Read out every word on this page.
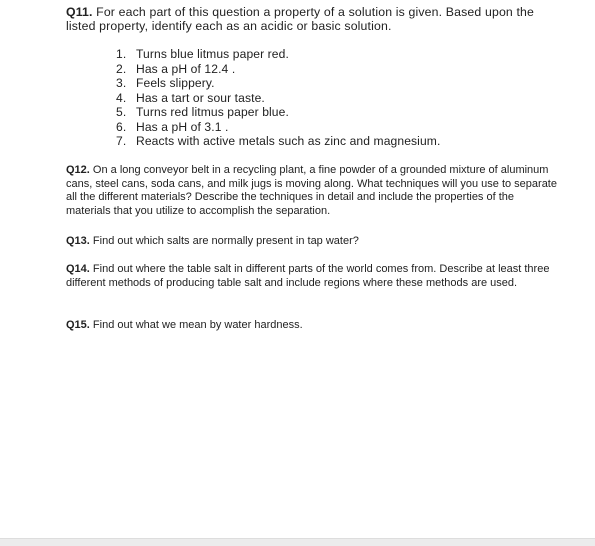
Q11. For each part of this question a property of a solution is given. Based upon the listed property, identify each as an acidic or basic solution.
1. Turns blue litmus paper red.
2. Has a pH of 12.4 .
3. Feels slippery.
4. Has a tart or sour taste.
5. Turns red litmus paper blue.
6. Has a pH of 3.1 .
7. Reacts with active metals such as zinc and magnesium.
Q12. On a long conveyor belt in a recycling plant, a fine powder of a grounded mixture of aluminum cans, steel cans, soda cans, and milk jugs is moving along. What techniques will you use to separate all the different materials? Describe the techniques in detail and include the properties of the materials that you utilize to accomplish the separation.
Q13. Find out which salts are normally present in tap water?
Q14. Find out where the table salt in different parts of the world comes from. Describe at least three different methods of producing table salt and include regions where these methods are used.
Q15. Find out what we mean by water hardness.
